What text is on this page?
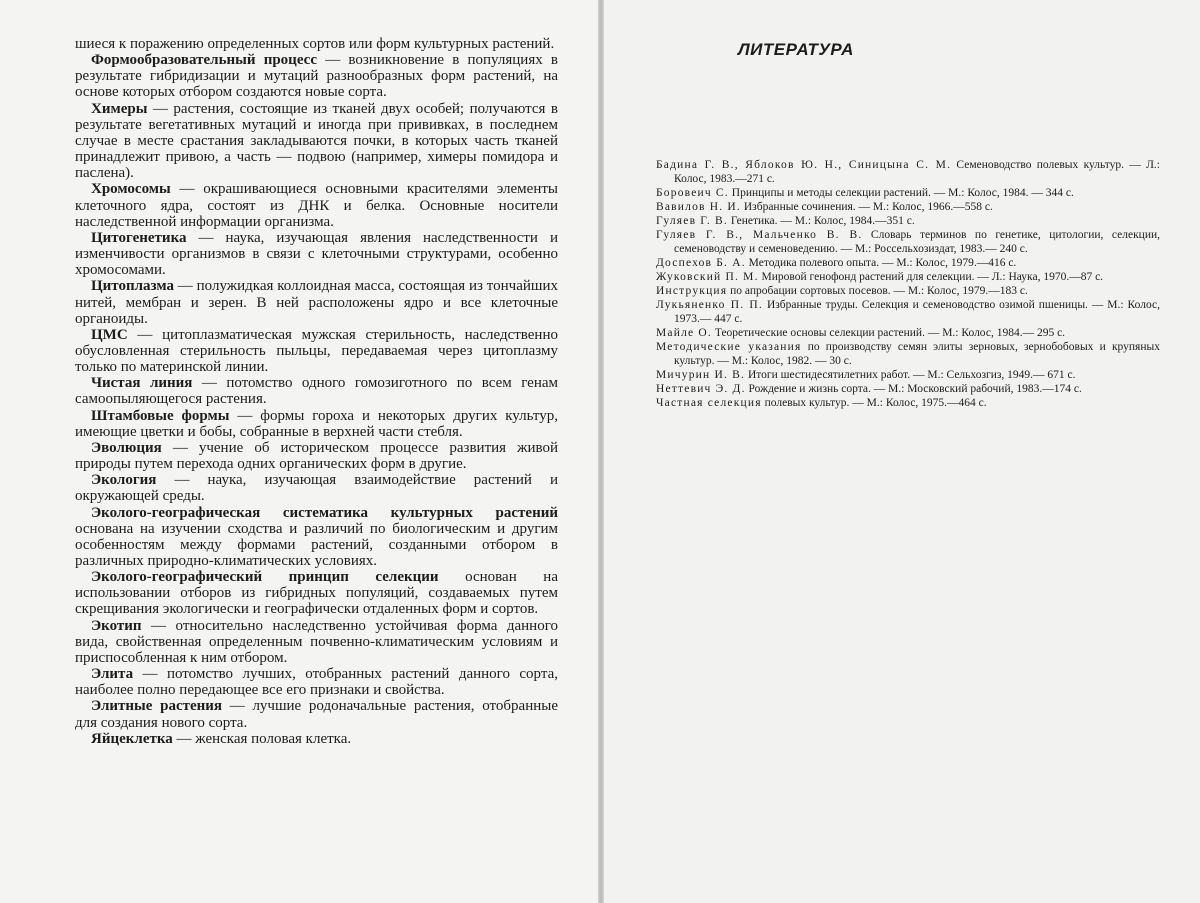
шиеся к поражению определенных сортов или форм культурных растений.

Формообразовательный процесс — возникновение в популяциях в результате гибридизации и мутаций разнообразных форм растений, на основе которых отбором создаются новые сорта.

Химеры — растения, состоящие из тканей двух особей; получаются в результате вегетативных мутаций и иногда при прививках, в последнем случае в месте срастания закладываются почки, в которых часть тканей принадлежит привою, а часть — подвою (например, химеры помидора и паслена).

Хромосомы — окрашивающиеся основными красителями элементы клеточного ядра, состоят из ДНК и белка. Основные носители наследственной информации организма.

Цитогенетика — наука, изучающая явления наследственности и изменчивости организмов в связи с клеточными структурами, особенно хромосомами.

Цитоплазма — полужидкая коллоидная масса, состоящая из тончайших нитей, мембран и зерен. В ней расположены ядро и все клеточные органоиды.

ЦМС — цитоплазматическая мужская стерильность, наследственно обусловленная стерильность пыльцы, передаваемая через цитоплазму только по материнской линии.

Чистая линия — потомство одного гомозиготного по всем генам самоопыляющегося растения.

Штамбовые формы — формы гороха и некоторых других культур, имеющие цветки и бобы, собранные в верхней части стебля.

Эволюция — учение об историческом процессе развития живой природы путем перехода одних органических форм в другие.

Экология — наука, изучающая взаимодействие растений и окружающей среды.

Эколого-географическая систематика культурных растений основана на изучении сходства и различий по биологическим и другим особенностям между формами растений, созданными отбором в различных природно-климатических условиях.

Эколого-географический принцип селекции основан на использовании отборов из гибридных популяций, создаваемых путем скрещивания экологически и географически отдаленных форм и сортов.

Экотип — относительно наследственно устойчивая форма данного вида, свойственная определенным почвенно-климатическим условиям и приспособленная к ним отбором.

Элита — потомство лучших, отобранных растений данного сорта, наиболее полно передающее все его признаки и свойства.

Элитные растения — лучшие родоначальные растения, отобранные для создания нового сорта.

Яйцеклетка — женская половая клетка.

ЛИТЕРАТУРА

Бадина Г. В., Яблоков Ю. Н., Синицына С. М. Семеноводство полевых культур. — Л.: Колос, 1983.—271 с.

Боровеич С. Принципы и методы селекции растений. — М.: Колос, 1984. — 344 с.

Вавилов Н. И. Избранные сочинения. — М.: Колос, 1966.—558 с.

Гуляев Г. В. Генетика. — М.: Колос, 1984.—351 с.

Гуляев Г. В., Мальченко В. В. Словарь терминов по генетике, цитологии, селекции, семеноводству и семеноведению. — М.: Россельхозиздат, 1983.— 240 с.

Доспехов Б. А. Методика полевого опыта. — М.: Колос, 1979.—416 с.

Жуковский П. М. Мировой генофонд растений для селекции. — Л.: Наука, 1970.—87 с.

Инструкция по апробации сортовых посевов. — М.: Колос, 1979.—183 с.

Лукьяненко П. П. Избранные труды. Селекция и семеноводство озимой пшеницы. — М.: Колос, 1973.— 447 с.

Майле О. Теоретические основы селекции растений. — М.: Колос, 1984.— 295 с.

Методические указания по производству семян элиты зерновых, зернобобовых и крупяных культур. — М.: Колос, 1982. — 30 с.

Мичурин И. В. Итоги шестидесятилетних работ. — М.: Сельхозгиз, 1949.— 671 с.

Неттевич Э. Д. Рождение и жизнь сорта. — М.: Московский рабочий, 1983.—174 с.

Частная селекция полевых культур. — М.: Колос, 1975.—464 с.
